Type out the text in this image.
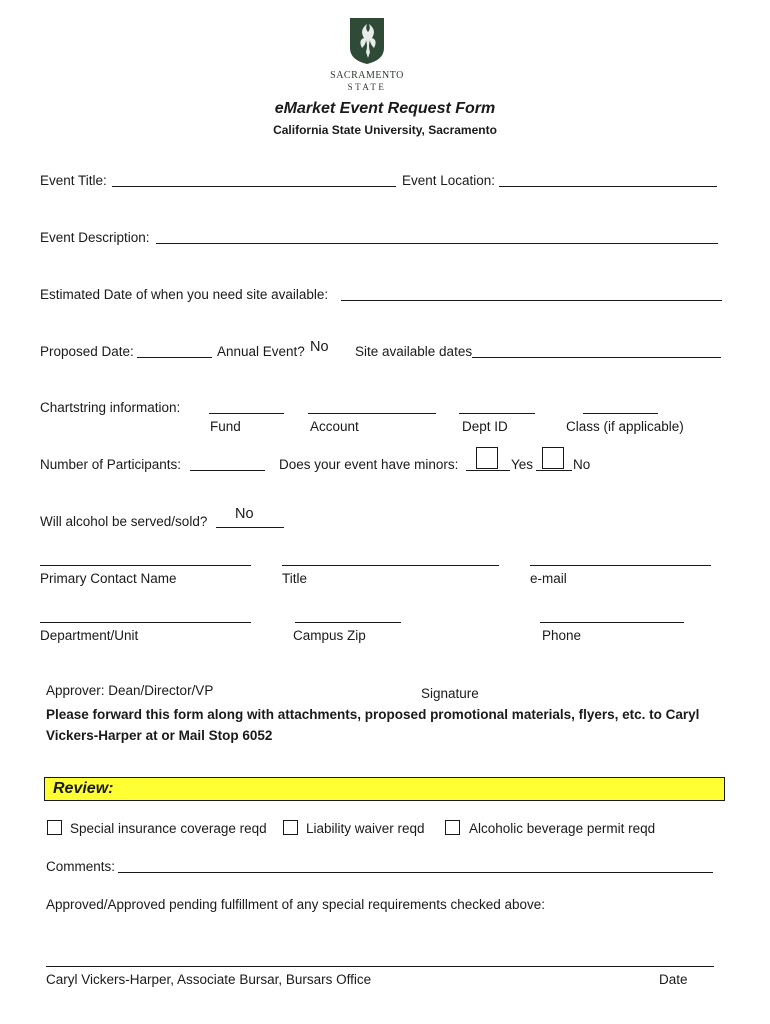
SACRAMENTO
STATE
eMarket Event Request Form
California State University, Sacramento
Event Title:	Event Location:
Event Description:
Estimated Date of when you need site available:
Proposed Date:	Annual Event? No Site available dates
Chartstring information:
Fund	Account	Dept ID	Class (if applicable)
Number of Participants:	Does your event have minors:	Yes	No
Will alcohol be served/sold? No
Primary Contact Name	Title	e-mail
Department/Unit	Campus Zip	Phone
Approver: Dean/Director/VP	Signature
Please forward this form along with attachments, proposed promotional materials, flyers, etc. to Caryl
Vickers-Harper at or Mail Stop 6052
Review:
Special insurance coverage reqd	Liability waiver reqd	Alcoholic beverage permit reqd
Comments:
Approved/Approved pending fulfillment of any special requirements checked above:
Caryl Vickers-Harper, Associate Bursar, Bursars Office	Date
